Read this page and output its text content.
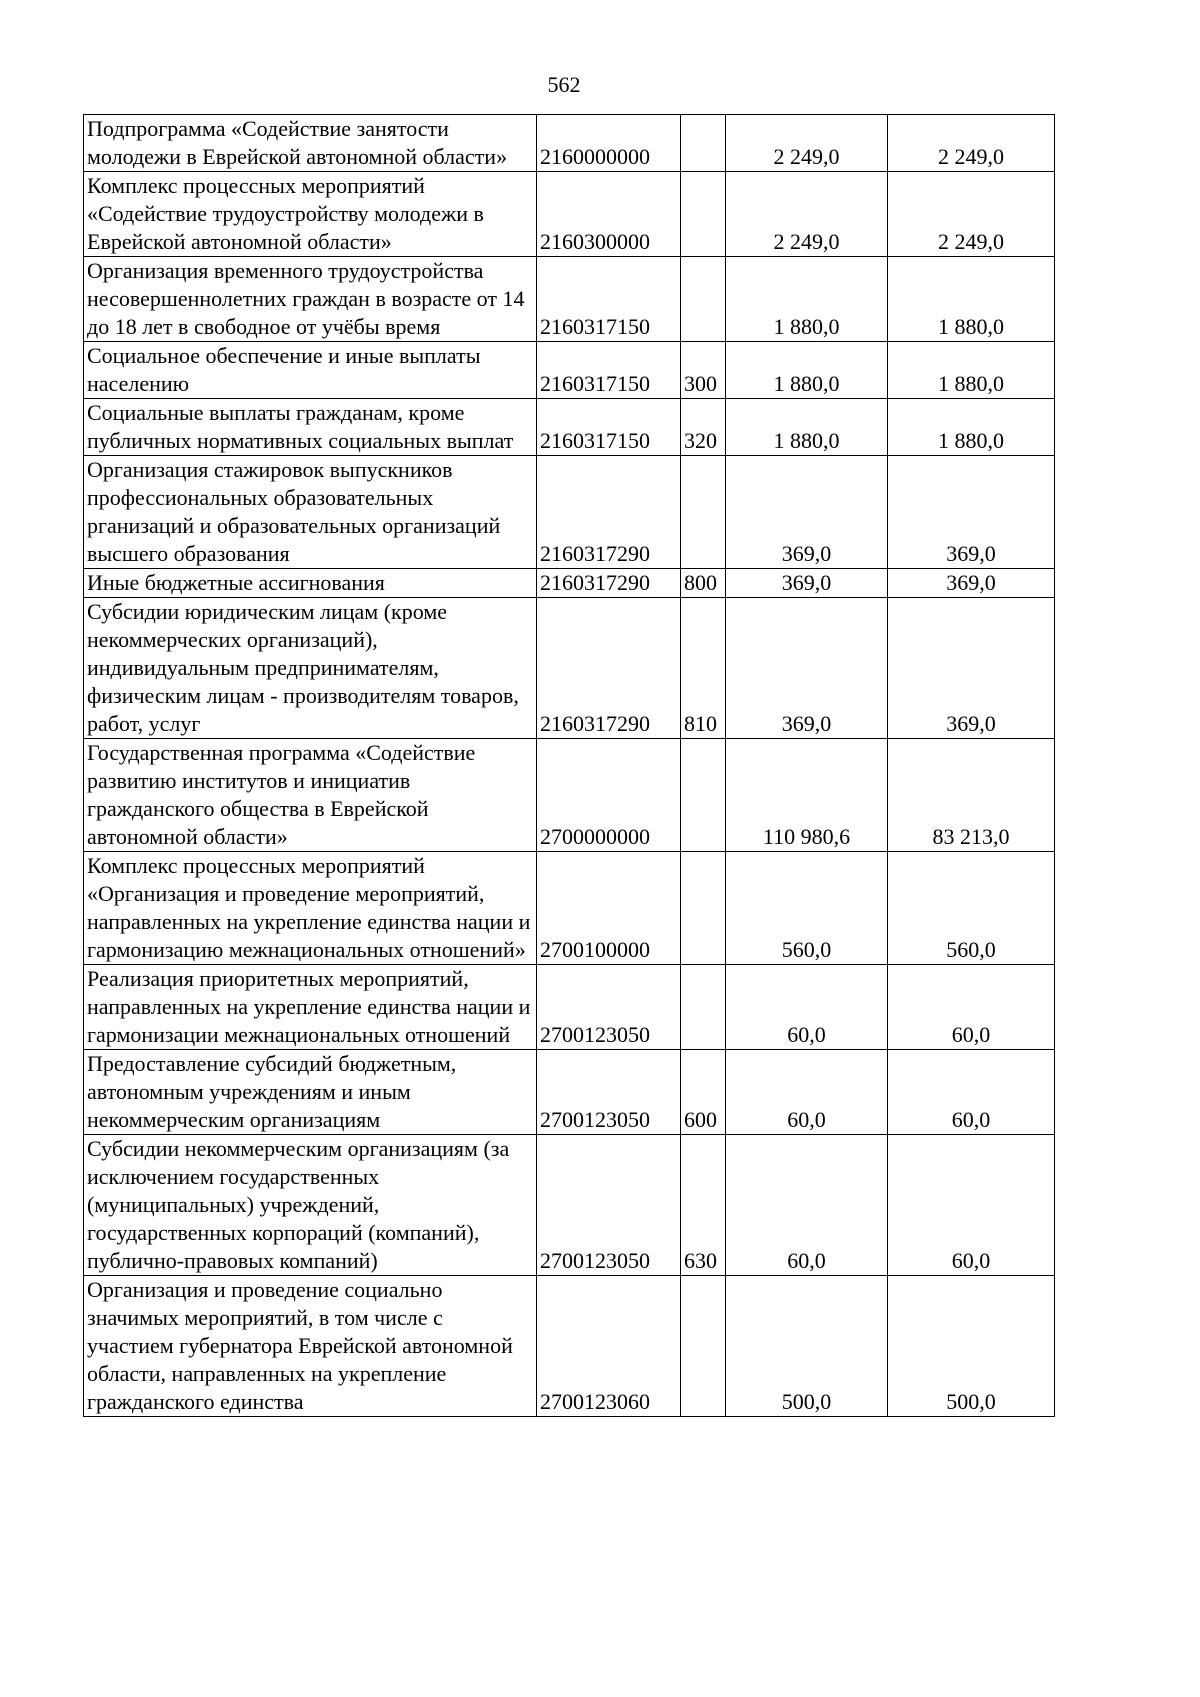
562
Подпрограмма «Содействие занятости молодежи в Еврейской автономной области»	2160000000		2 249,0	2 249,0
Комплекс процессных мероприятий «Содействие трудоустройству молодежи в Еврейской автономной области»	2160300000		2 249,0	2 249,0
Организация временного трудоустройства несовершеннолетних граждан в возрасте от 14 до 18 лет в свободное от учёбы время	2160317150		1 880,0	1 880,0
Социальное обеспечение и иные выплаты населению	2160317150	300	1 880,0	1 880,0
Социальные выплаты гражданам, кроме публичных нормативных социальных выплат	2160317150	320	1 880,0	1 880,0
Организация стажировок выпускников профессиональных образовательных рганизаций и образовательных организаций высшего образования	2160317290		369,0	369,0
Иные бюджетные ассигнования	2160317290	800	369,0	369,0
Субсидии юридическим лицам (кроме некоммерческих организаций), индивидуальным предпринимателям, физическим лицам - производителям товаров, работ, услуг	2160317290	810	369,0	369,0
Государственная программа «Содействие развитию институтов и инициатив гражданского общества в Еврейской автономной области»	2700000000		110 980,6	83 213,0
Комплекс процессных мероприятий «Организация и проведение мероприятий, направленных на укрепление единства нации и гармонизацию межнациональных отношений»	2700100000		560,0	560,0
Реализация приоритетных мероприятий, направленных на укрепление единства нации и гармонизации межнациональных отношений	2700123050		60,0	60,0
Предоставление субсидий бюджетным, автономным учреждениям и иным некоммерческим организациям	2700123050	600	60,0	60,0
Субсидии некоммерческим организациям (за исключением государственных (муниципальных) учреждений, государственных корпораций (компаний), публично-правовых компаний)	2700123050	630	60,0	60,0
Организация и проведение социально значимых мероприятий, в том числе с участием губернатора Еврейской автономной области, направленных на укрепление гражданского единства	2700123060		500,0	500,0
